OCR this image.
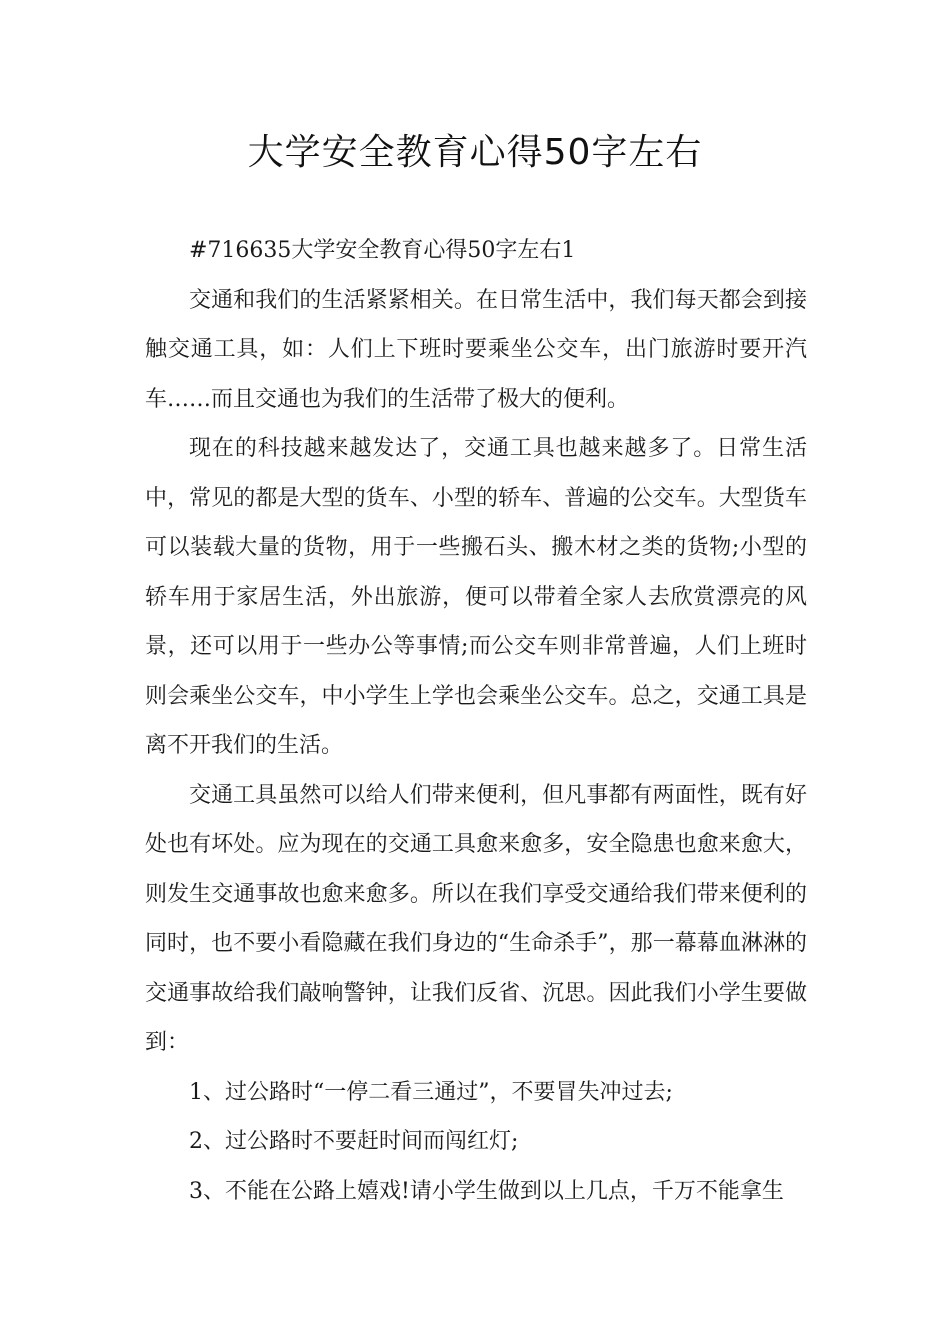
大学安全教育心得50字左右

#716635大学安全教育心得50字左右1

交通和我们的生活紧紧相关。在日常生活中，我们每天都会到接触交通工具，如：人们上下班时要乘坐公交车，出门旅游时要开汽车……而且交通也为我们的生活带了极大的便利。

现在的科技越来越发达了，交通工具也越来越多了。日常生活中，常见的都是大型的货车、小型的轿车、普遍的公交车。大型货车可以装载大量的货物，用于一些搬石头、搬木材之类的货物;小型的轿车用于家居生活，外出旅游，便可以带着全家人去欣赏漂亮的风景，还可以用于一些办公等事情;而公交车则非常普遍，人们上班时则会乘坐公交车，中小学生上学也会乘坐公交车。总之，交通工具是离不开我们的生活。

交通工具虽然可以给人们带来便利，但凡事都有两面性，既有好处也有坏处。应为现在的交通工具愈来愈多，安全隐患也愈来愈大，则发生交通事故也愈来愈多。所以在我们享受交通给我们带来便利的同时，也不要小看隐藏在我们身边的“生命杀手”，那一幕幕血淋淋的交通事故给我们敲响警钟，让我们反省、沉思。因此我们小学生要做到：

1、过公路时“一停二看三通过”，不要冒失冲过去;

2、过公路时不要赶时间而闯红灯;

3、不能在公路上嬉戏!请小学生做到以上几点，千万不能拿生
